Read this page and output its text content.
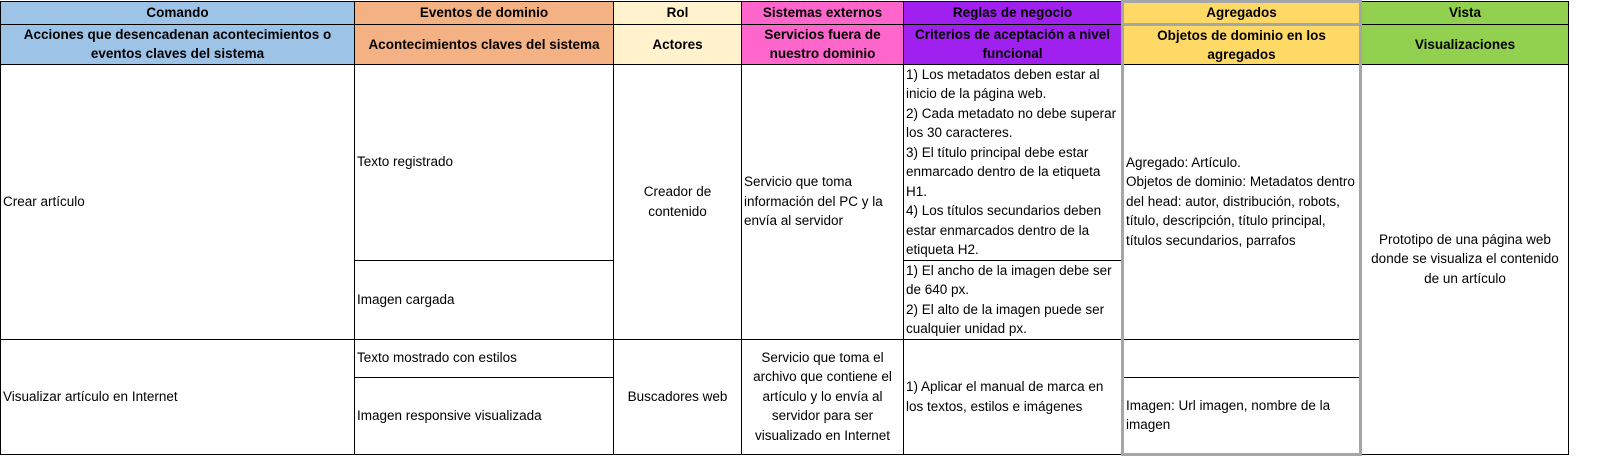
Comando	Eventos de dominio	Rol	Sistemas externos	Reglas de negocio	Agregados	Vista
Acciones que desencadenan acontecimientos o eventos claves del sistema	Acontecimientos claves del sistema	Actores	Servicios fuera de nuestro dominio	Criterios de aceptación a nivel funcional	Objetos de dominio en los agregados	Visualizaciones
Crear artículo	Texto registrado	Creador de contenido	Servicio que toma información del PC y la envía al servidor	1) Los metadatos deben estar al inicio de la página web.
2) Cada metadato no debe superar los 30 caracteres.
3) El título principal debe estar enmarcado dentro de la etiqueta H1.
4) Los títulos secundarios deben estar enmarcados dentro de la etiqueta H2.	Agregado: Artículo.
Objetos de dominio: Metadatos dentro del head: autor, distribución, robots, título, descripción, título principal, títulos secundarios, parrafos	Prototipo de una página web donde se visualiza el contenido de un artículo
	Imagen cargada			1) El ancho de la imagen debe ser de 640 px.
2) El alto de la imagen puede ser cualquier unidad px.		

Visualizar artículo en Internet	Texto mostrado con estilos	Buscadores web	Servicio que toma el archivo que contiene el artículo y lo envía al servidor para ser visualizado en Internet	1) Aplicar el manual de marca en los textos, estilos e imágenes		
	Imagen responsive visualizada				Imagen: Url imagen, nombre de la imagen	
